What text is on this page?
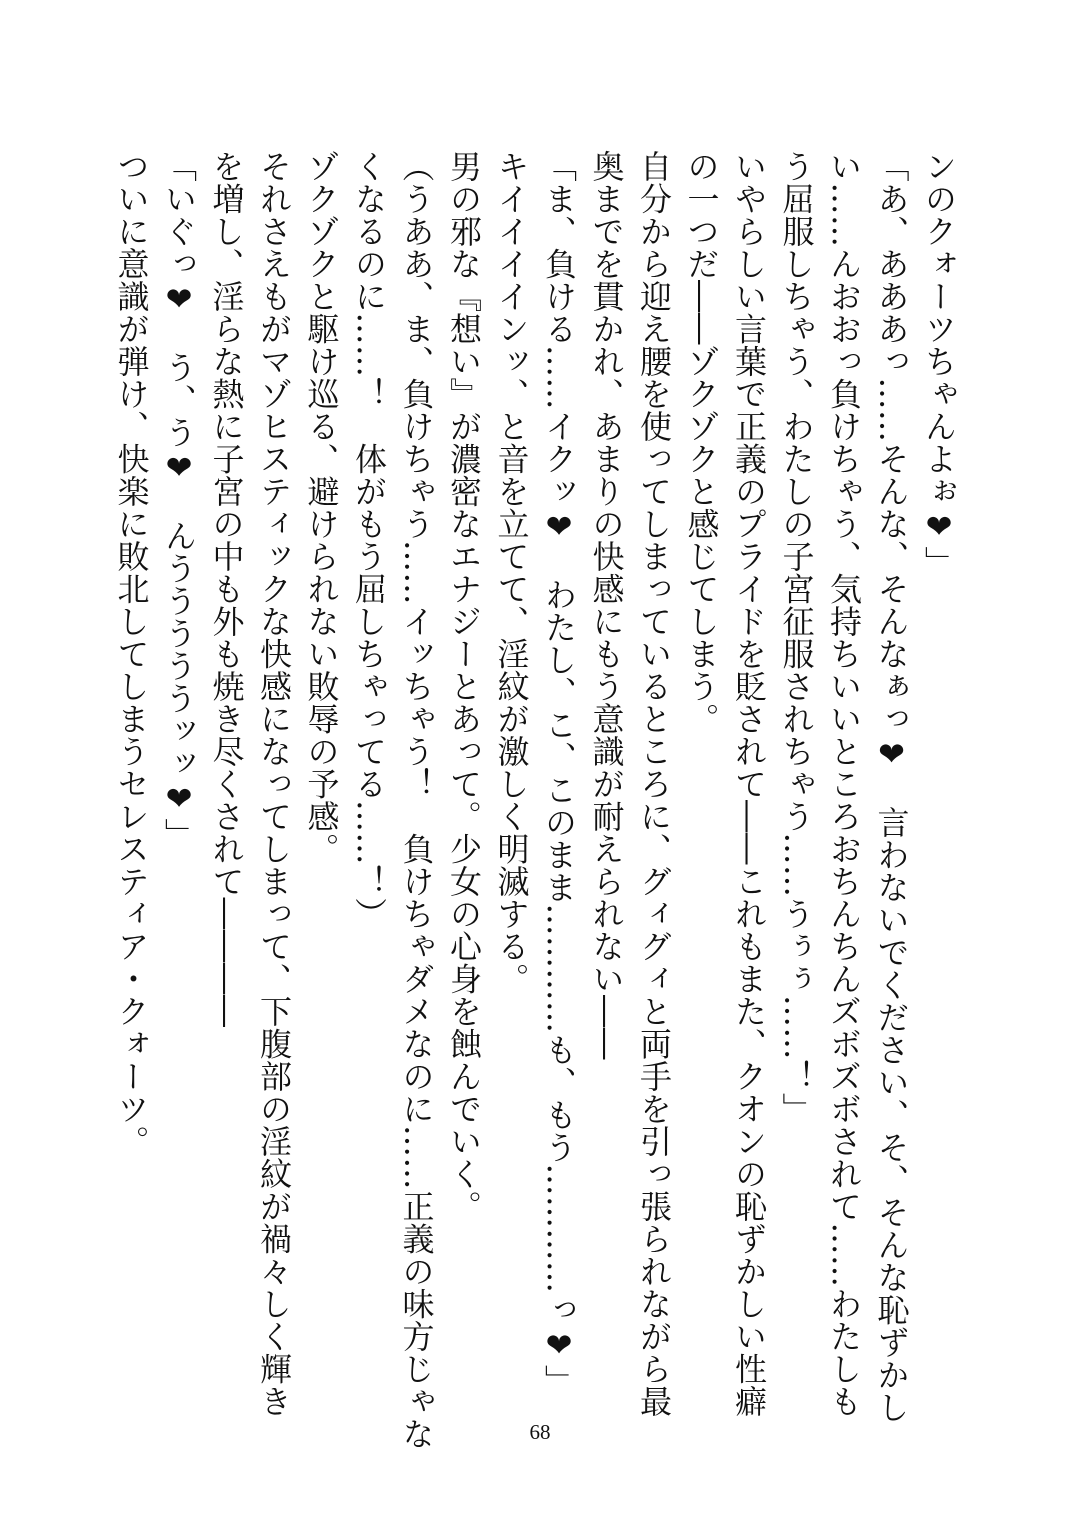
ンのクォーツちゃんよぉ❤」
「あ、あああっ……そんな、そんなぁっ❤　言わないでください、そ、そんな恥ずかし
い……んおおっ負けちゃう、気持ちいいところおちんちんズボズボされて……わたしも
う屈服しちゃう、わたしの子宮征服されちゃう……うぅぅ……！」
いやらしい言葉で正義のプライドを貶されて――これもまた、クオンの恥ずかしい性癖
の一つだ――ゾクゾクと感じてしまう。
自分から迎え腰を使ってしまっているところに、グィグィと両手を引っ張られながら最
奥までを貫かれ、あまりの快感にもう意識が耐えられない――
「ま、負ける……イクッ❤　わたし、こ、このまま…………も、もう…………っ❤」
キイイイインッ、と音を立てて、淫紋が激しく明滅する。
男の邪な『想い』が濃密なエナジーとあって。少女の心身を蝕んでいく。
（うああ、ま、負けちゃう……イッちゃう！　負けちゃダメなのに……正義の味方じゃな
くなるのに……！　体がもう屈しちゃってる……！）
ゾクゾクと駆け巡る、避けられない敗辱の予感。
それさえもがマゾヒスティックな快感になってしまって、下腹部の淫紋が禍々しく輝き
を増し、淫らな熱に子宮の中も外も焼き尽くされて――――
「いぐっ❤　う、う❤　んうううううッッ❤」
ついに意識が弾け、快楽に敗北してしまうセレスティア・クォーツ。
68
